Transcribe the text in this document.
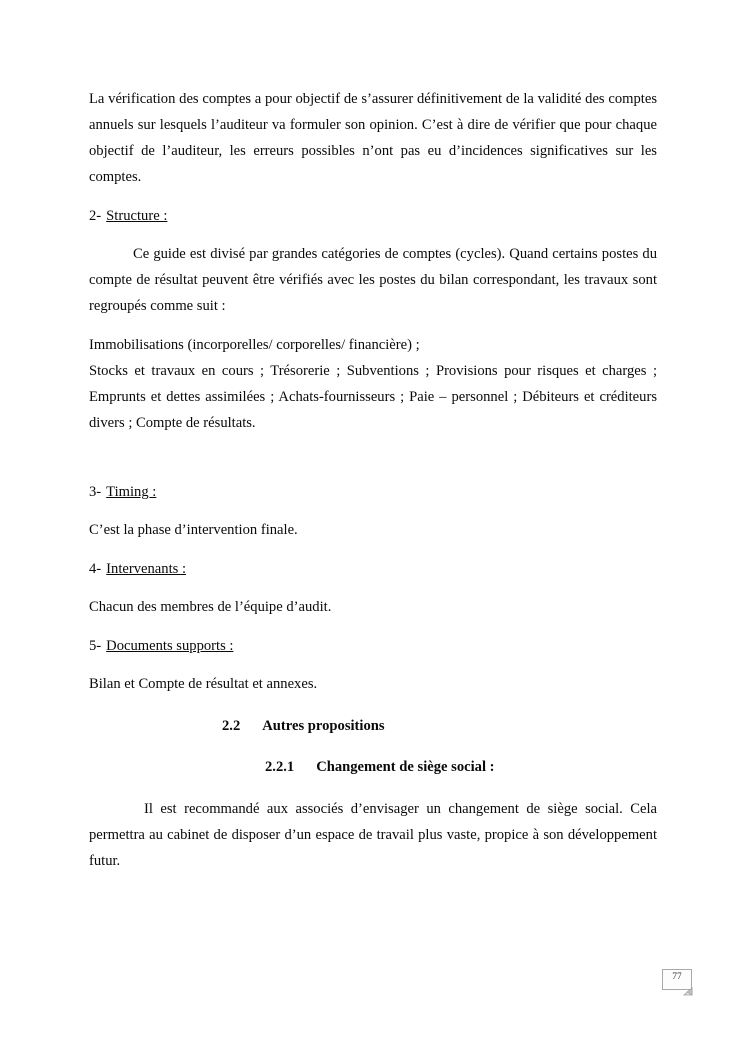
La vérification des comptes a pour objectif de s’assurer définitivement de la validité des comptes annuels sur lesquels l’auditeur va formuler son opinion. C’est à dire de vérifier que pour chaque objectif de l’auditeur, les erreurs possibles n’ont pas eu d’incidences significatives sur les comptes.

2- Structure :

Ce guide est divisé par grandes catégories de comptes (cycles). Quand certains postes du compte de résultat peuvent être vérifiés avec les postes du bilan correspondant, les travaux sont regroupés comme suit :

Immobilisations (incorporelles/ corporelles/ financière) ;

Stocks et travaux en cours ; Trésorerie ; Subventions ; Provisions pour risques et charges ; Emprunts et dettes assimilées ; Achats-fournisseurs ; Paie – personnel ; Débiteurs et créditeurs divers ; Compte de résultats.

3- Timing :

C’est la phase d’intervention finale.

4- Intervenants :

Chacun des membres de l’équipe d’audit.

5- Documents supports :

Bilan et Compte de résultat et annexes.

2.2 Autres propositions

2.2.1 Changement de siège social :

Il est recommandé aux associés d’envisager un changement de siège social. Cela permettra au cabinet de disposer d’un espace de travail plus vaste, propice à son développement futur.

77
